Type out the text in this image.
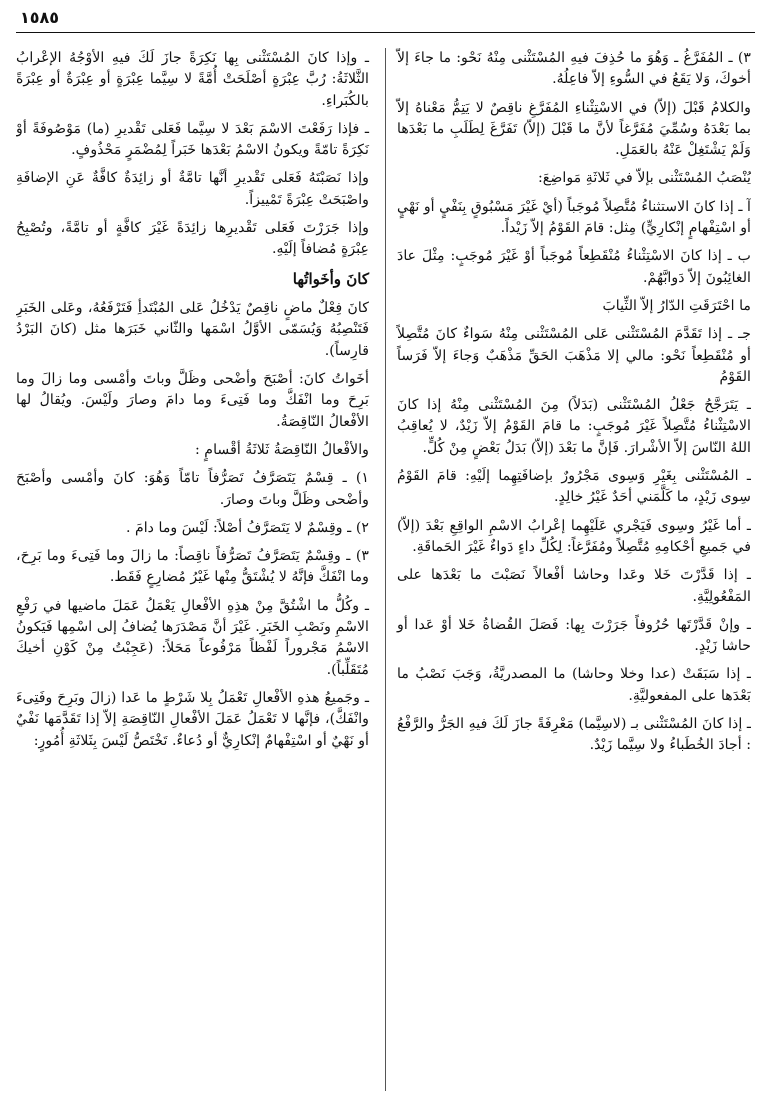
١٥٨٥

٣) ـ المُفَرَّغُ ـ وَهُوَ ما حُذِفَ فيهِ المُسْتَثْنى مِنْهُ نَحْو: ما جاءَ إلاّ أخوكَ، وَلا يَقَعُ في السُّوءِ إلاّ فاعِلُهُ.

والكلامُ قَبْلَ (إلاّ) في الاسْتِثْناءِ المُفَرَّغِ ناقِصٌ لا يَتِمُّ مَعْناهُ إلاّ بما بَعْدَهُ وسُمِّيَ مُفَرَّغاً لأنَّ ما قَبْلَ (إلاّ) تَفَرَّغَ لِطَلَبِ ما بَعْدَها وَلَمْ يَشْتَغِلْ عَنْهُ بالعَمَلِ.

يُنْصَبُ المُسْتَثْنى بإلاّ في ثَلاثَةِ مَواضِعَ:

آ ـ إذا كانَ الاستثناءُ مُتَّصِلاً مُوجَباً (أيْ غَيْرَ مَسْبُوقٍ بِنَفْيٍ أو نَهْيٍ أو اسْتِفْهامٍ إنْكارِيٍّ) مِثل: قامَ القَوْمُ إلاّ زَيْداً.

ب ـ إذا كانَ الاسْتِثْناءُ مُنْقَطِعاً مُوجَباً أوْ غَيْرَ مُوجَبٍ: مِثْلَ عادَ الغائِبُونَ إلاّ دَوابَّهُمْ.

ما احْتَرَقَتِ الدّارُ إلاّ الثِّيابَ

جـ ـ إذا تَقَدَّمَ المُسْتَثْنى عَلى المُسْتَثْنى مِنْهُ سَواءٌ كانَ مُتَّصِلاً أو مُنْقَطِعاً نَحْو: مالي إلا مَذْهَبَ الحَقِّ مَذْهَبٌ وَجاءَ إلاّ فَرَساً القَوْمُ

ـ يَتَرَجَّحُ جَعْلُ المُسْتَثْنى (بَدَلاً) مِنَ المُسْتَثْنى مِنْهُ إذا كانَ الاسْتِثْناءُ مُتَّصِلاً غَيْرَ مُوجَبٍ: ما قامَ القَوْمُ إلاّ زَيْدٌ، لا يُعاقِبُ اللهُ النّاسَ إلاّ الأشْرارَ. فَإنَّ ما بَعْدَ (إلاّ) بَدَلُ بَعْضٍ مِنْ كُلٍّ.

ـ المُسْتَثْنى بِغَيْرِ وَسِوى مَجْرُورٌ بإضافَتِهِما إلَيْهِ: قامَ القَوْمُ سِوى زَيْدٍ، ما كَلَّمَني أحَدٌ غَيْرُ خالِدٍ.

ـ أما غَيْرُ وسِوى فَيَجْري عَلَيْهِما إعْرابُ الاسْمِ الواقِعِ بَعْدَ (إلاّ) في جَميعِ أحْكامِهِ مُتَّصِلاً ومُفَرَّغاً: لِكُلِّ داءٍ دَواءٌ غَيْرَ الحَماقَةِ.

ـ إذا قَدَّرْتَ خَلا وعَدا وحاشا أفْعالاً نَصَبْتَ ما بَعْدَها على المَفْعُولِيَّةِ.

ـ وإنْ قَدَّرْتَها حُرُوفاً جَرَرْتَ بِها: فَصَلَ القُضاةُ خَلا أوْ عَدا أو حاشا زَيْدٍ.

ـ إذا سَبَقَتْ (عدا وخلا وحاشا) ما المصدريَّةُ، وَجَبَ نَصْبُ ما بَعْدَها على المفعوليَّةِ.

ـ إذا كانَ المُسْتَثْنى بـ (لاسِيَّما) مَعْرِفَةً جازَ لَكَ فيهِ الجَرُّ والرَّفْعُ : أجادَ الخُطَباءُ ولا سِيَّما زَيْدٌ.

ـ وإذا كانَ المُسْتَثْنى بِها نَكِرَةً جازَ لَكَ فيهِ الأوْجُهُ الإعْرابُ الثَّلاثَةُ: رُبَّ عِبْرَةٍ أصْلَحَتْ أُمَّةً لا سِيَّما عِبْرَةٍ أو عِبْرَةٌ أو عِبْرَةً بالكُبَراءِ.

ـ فإذا رَفَعْتَ الاسْمَ بَعْدَ لا سِيَّما فَعَلى تَقْديرِ (ما) مَوْصُوفَةً أوْ نَكِرَةً تامّةً ويكونُ الاسْمُ بَعْدَها خَبَراً لِمُضْمَرٍ مَحْذُوفٍ.

وإذا نَصَبْتَهُ فَعَلى تَقْديرِ أنَّها تامَّةٌ أو زائِدَةٌ كافَّةٌ عَنِ الإضافَةِ واصْبَحَتْ عِبْرَةً تَمْييزاً.

وإذا جَرَرْتَ فَعَلى تَقْديرِها زائِدَةً غَيْرَ كافَّةٍ أو تامَّةً، وتُصْبِحُ عِبْرَةٍ مُضافاً إلَيْهِ.

كانَ وأخَواتُها

كانَ فِعْلٌ ماضٍ ناقِصٌ يَدْخُلُ عَلى المُبْتَدأِ فَتَرْفَعُهُ، وعَلى الخَبَرِ فَتَنْصِبُهُ وَيُسَمّى الأوَّلُ اسْمَها والثّاني خَبَرَها مثل (كانَ البَرْدُ قارِساً).

أخَواتُ كانَ: أصْبَحَ وأضْحى وظَلَّ وباتَ وأمْسى وما زالَ وما بَرِحَ وما انْفَكَّ وما فَتِىءَ وما دامَ وصارَ ولَيْسَ. ويُقالُ لها الأفْعالُ النّاقِصَةُ.

والأفْعالُ النّاقِصَةُ ثَلاثَةُ أقْسامٍ :

١) ـ قِسْمٌ يَتَصَرَّفُ تَصَرُّفاً تامّاً وَهُوَ: كانَ وأمْسى وأصْبَحَ وأضْحى وظَلَّ وباتَ وصارَ.

٢) ـ وقِسْمٌ لا يَتَصَرَّفُ أصْلاً: لَيْسَ وما دامَ .

٣) ـ وقِسْمٌ يَتَصَرَّفُ تَصَرُّفاً ناقِصاً: ما زالَ وما فَتِىءَ وما بَرِحَ، وما انْفَكَّ فإنَّهُ لا يُشْتَقُّ مِنْها غَيْرُ مُضارِعٍ فَقَط.

ـ وكُلُّ ما اشْتُقَّ مِنْ هذِهِ الأفْعالِ يَعْمَلُ عَمَلَ ماضيها في رَفْعِ الاسْمِ ونَصْبِ الخَبَرِ. غَيْرَ أنَّ مَصْدَرَها يُضافُ إلى اسْمِها فَيَكونُ الاسْمُ مَجْروراً لَفْظاً مَرْفُوعاً مَحَلاً: (عَجِبْتُ مِنْ كَوْنِ أخيكَ مُتَقَلِّباً).

ـ وجَميعُ هذهِ الأفْعالِ تَعْمَلُ بِلا شَرْطٍ ما عَدا (زالَ وبَرِحَ وفَتِىءَ وانْفَكَّ)، فإنَّها لا تَعْمَلُ عَمَلَ الأفْعالِ النّاقِصَةِ إلاّ إذا تَقَدَّمَها نَفْيٌ أو نَهْيٌ أو اسْتِفْهامٌ إنْكارِيٌّ أو دُعاءٌ. تَخْتَصُّ لَيْسَ بِثَلاثَةِ أُمُورٍ:
